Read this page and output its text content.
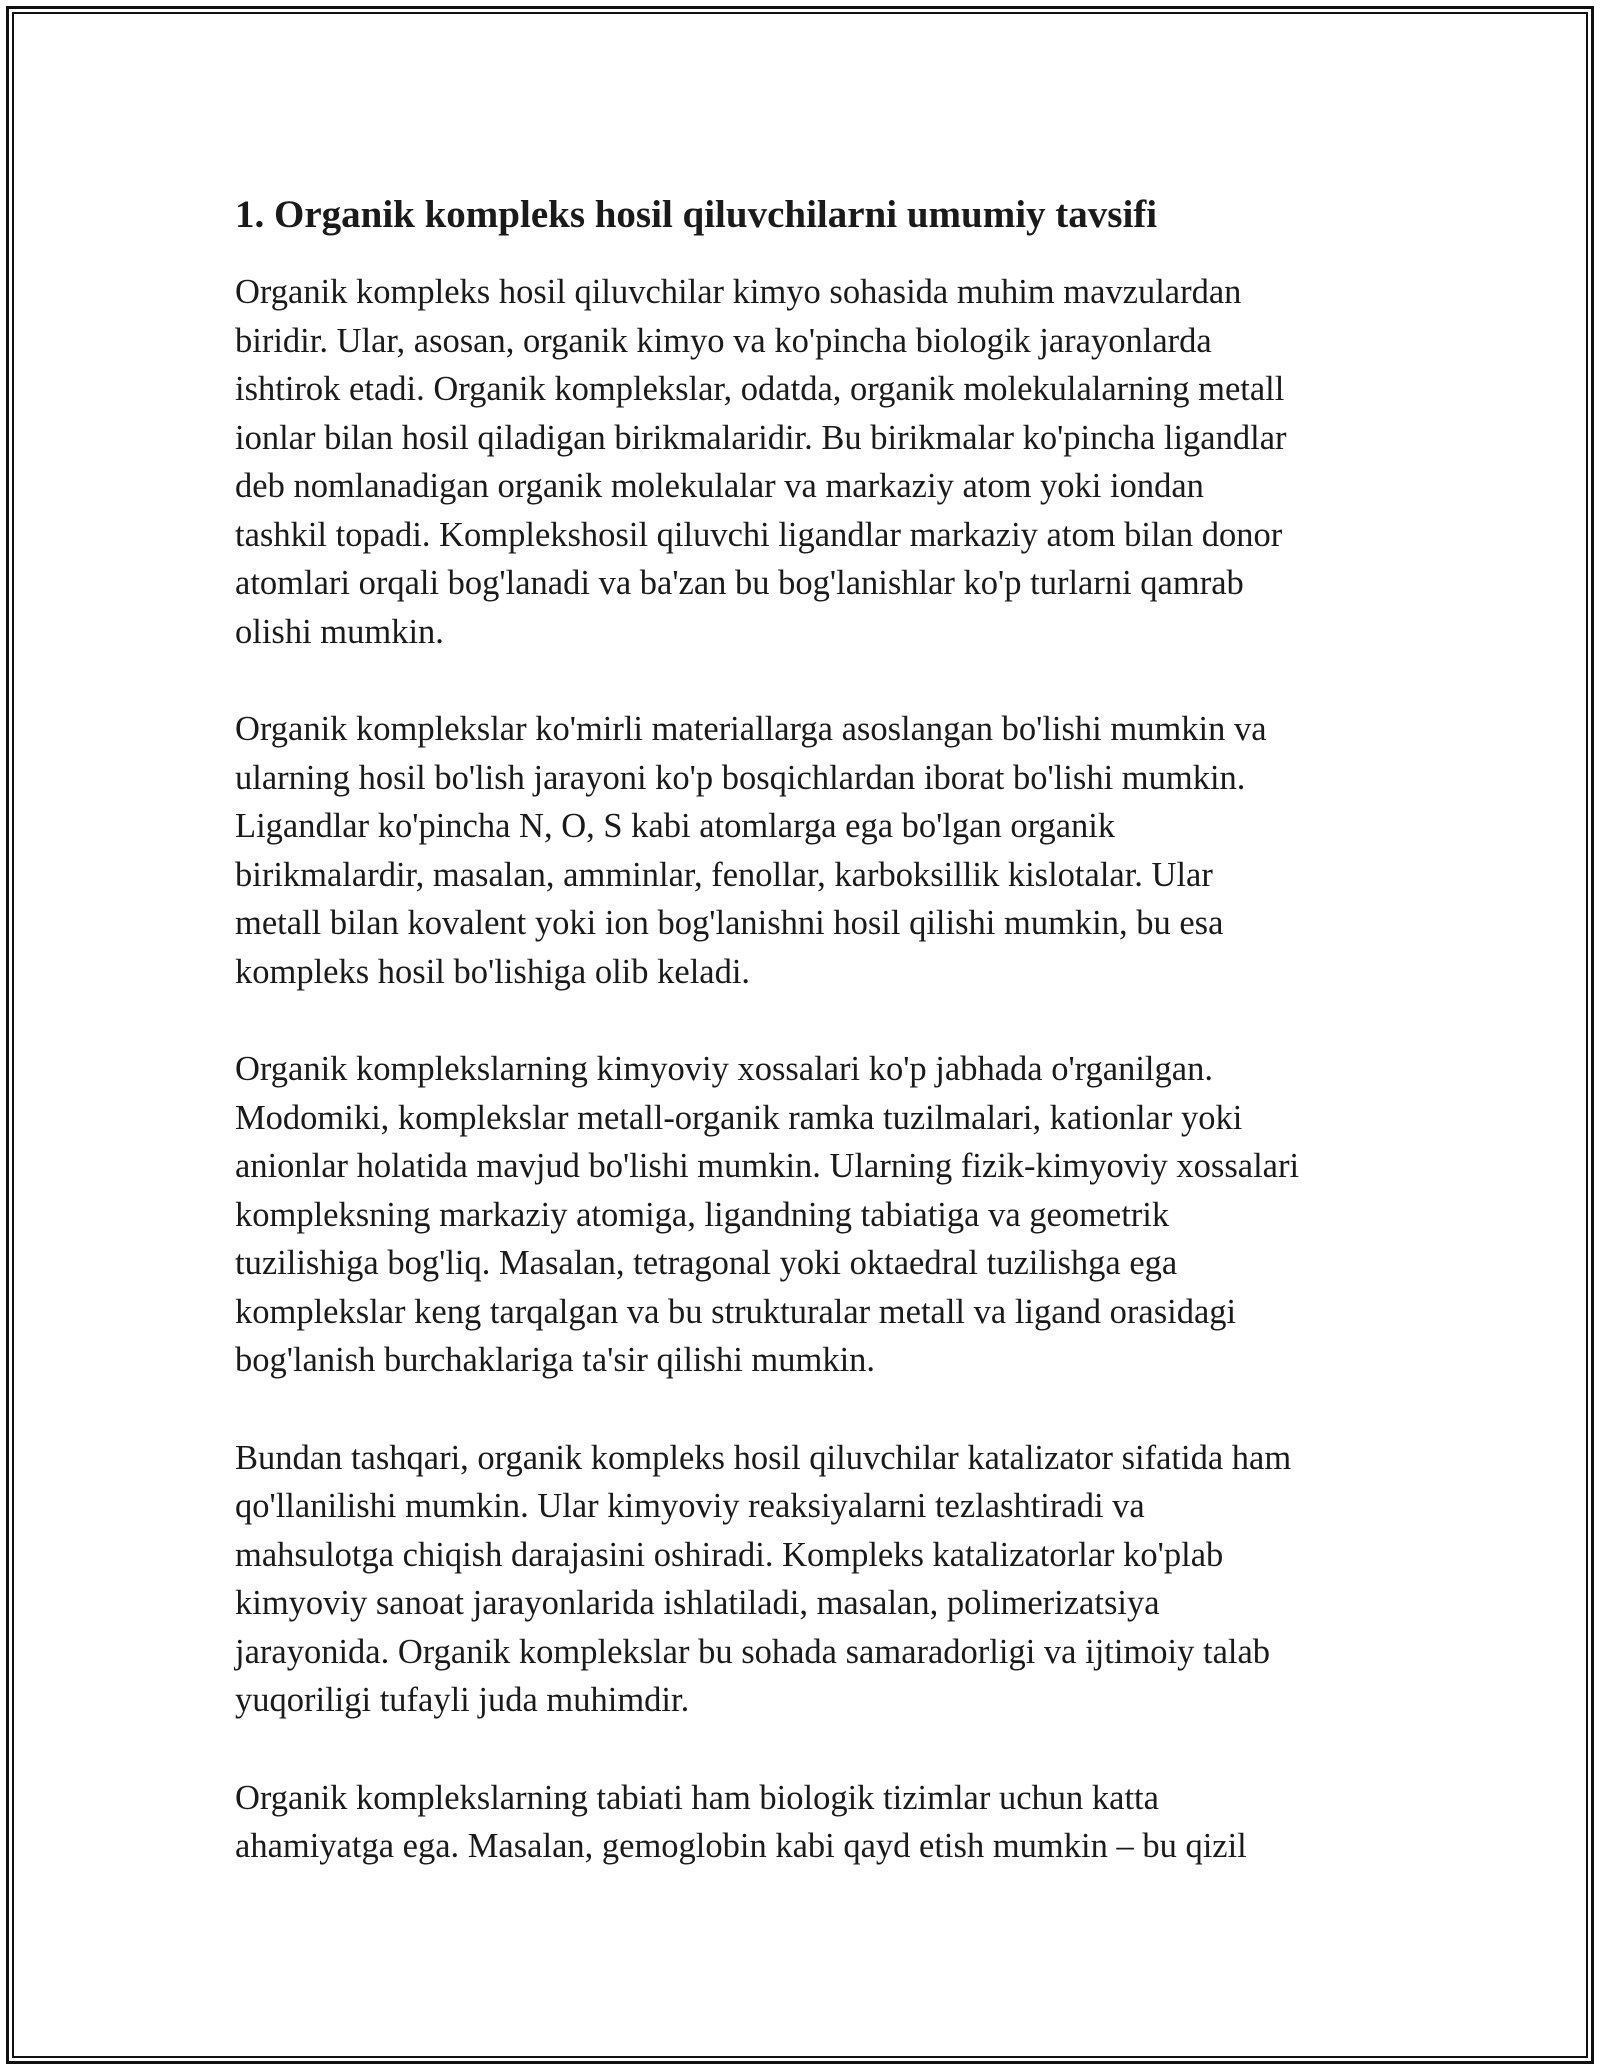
1. Organik kompleks hosil qiluvchilarni umumiy tavsifi

Organik kompleks hosil qiluvchilar kimyo sohasida muhim mavzulardan
biridir. Ular, asosan, organik kimyo va ko'pincha biologik jarayonlarda
ishtirok etadi. Organik komplekslar, odatda, organik molekulalarning metall
ionlar bilan hosil qiladigan birikmalaridir. Bu birikmalar ko'pincha ligandlar
deb nomlanadigan organik molekulalar va markaziy atom yoki iondan
tashkil topadi. Komplekshosil qiluvchi ligandlar markaziy atom bilan donor
atomlari orqali bog'lanadi va ba'zan bu bog'lanishlar ko'p turlarni qamrab
olishi mumkin.

Organik komplekslar ko'mirli materiallarga asoslangan bo'lishi mumkin va
ularning hosil bo'lish jarayoni ko'p bosqichlardan iborat bo'lishi mumkin.
Ligandlar ko'pincha N, O, S kabi atomlarga ega bo'lgan organik
birikmalardir, masalan, amminlar, fenollar, karboksillik kislotalar. Ular
metall bilan kovalent yoki ion bog'lanishni hosil qilishi mumkin, bu esa
kompleks hosil bo'lishiga olib keladi.

Organik komplekslarning kimyoviy xossalari ko'p jabhada o'rganilgan.
Modomiki, komplekslar metall-organik ramka tuzilmalari, kationlar yoki
anionlar holatida mavjud bo'lishi mumkin. Ularning fizik-kimyoviy xossalari
kompleksning markaziy atomiga, ligandning tabiatiga va geometrik
tuzilishiga bog'liq. Masalan, tetragonal yoki oktaedral tuzilishga ega
komplekslar keng tarqalgan va bu strukturalar metall va ligand orasidagi
bog'lanish burchaklariga ta'sir qilishi mumkin.

Bundan tashqari, organik kompleks hosil qiluvchilar katalizator sifatida ham
qo'llanilishi mumkin. Ular kimyoviy reaksiyalarni tezlashtiradi va
mahsulotga chiqish darajasini oshiradi. Kompleks katalizatorlar ko'plab
kimyoviy sanoat jarayonlarida ishlatiladi, masalan, polimerizatsiya
jarayonida. Organik komplekslar bu sohada samaradorligi va ijtimoiy talab
yuqoriligi tufayli juda muhimdir.

Organik komplekslarning tabiati ham biologik tizimlar uchun katta
ahamiyatga ega. Masalan, gemoglobin kabi qayd etish mumkin – bu qizil
